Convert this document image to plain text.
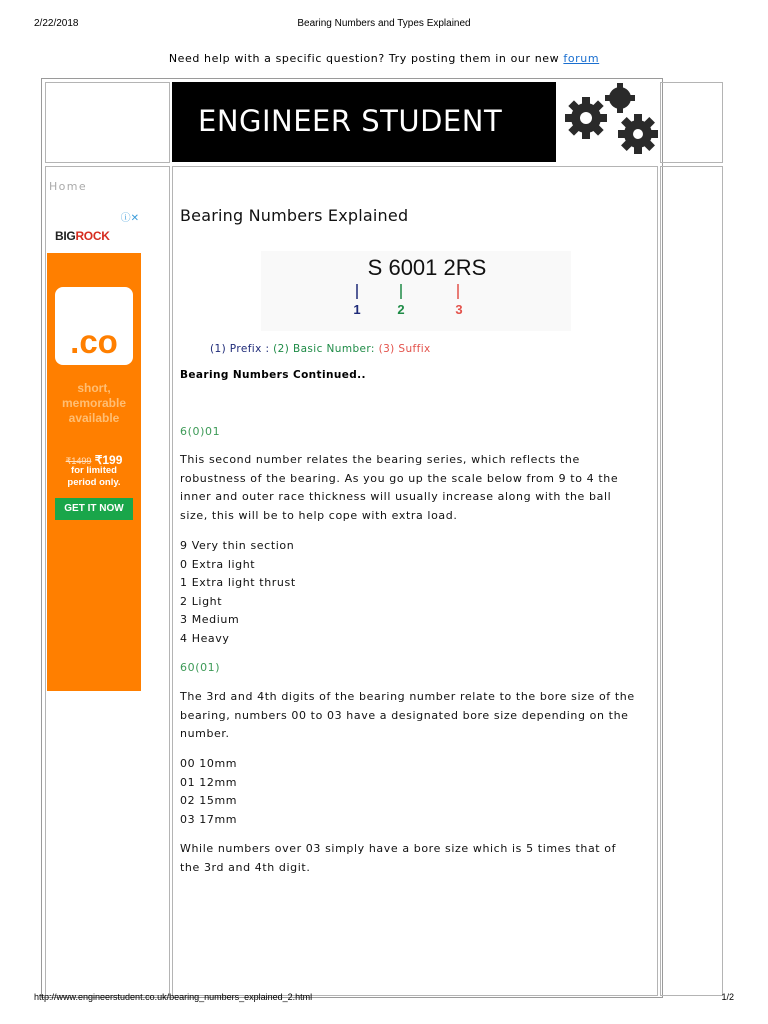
2/22/2018	Bearing Numbers and Types Explained
Need help with a specific question? Try posting them in our new forum
ENGINEER STUDENT
Home
ⓘ✕
BIGROCK
.co
short,
memorable
available
₹1499 ₹199
for limited
period only.
GET IT NOW
Bearing Numbers Explained
S 6001 2RS
1	2	3
(1) Prefix : (2) Basic Number: (3) Suffix
Bearing Numbers Continued..
6(0)01
This second number relates the bearing series, which reflects the
robustness of the bearing. As you go up the scale below from 9 to 4 the
inner and outer race thickness will usually increase along with the ball
size, this will be to help cope with extra load.
9 Very thin section
0 Extra light
1 Extra light thrust
2 Light
3 Medium
4 Heavy
60(01)
The 3rd and 4th digits of the bearing number relate to the bore size of the
bearing, numbers 00 to 03 have a designated bore size depending on the
number.
00 10mm
01 12mm
02 15mm
03 17mm
While numbers over 03 simply have a bore size which is 5 times that of
the 3rd and 4th digit.
http://www.engineerstudent.co.uk/bearing_numbers_explained_2.html	1/2
